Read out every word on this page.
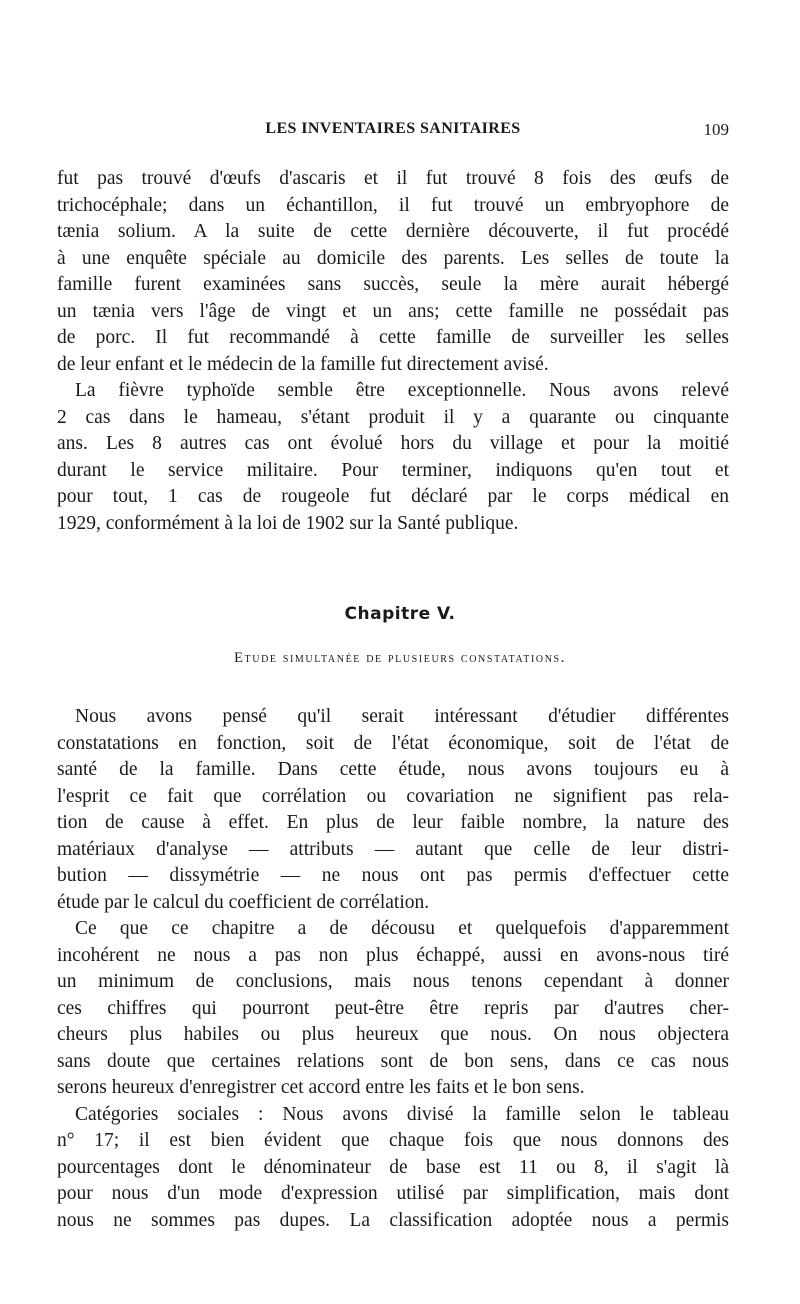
LES INVENTAIRES SANITAIRES	109
fut pas trouvé d'œufs d'ascaris et il fut trouvé 8 fois des œufs de
trichocéphale; dans un échantillon, il fut trouvé un embryophore de
tænia solium. A la suite de cette dernière découverte, il fut procédé
à une enquête spéciale au domicile des parents. Les selles de toute la
famille furent examinées sans succès, seule la mère aurait hébergé
un tænia vers l'âge de vingt et un ans; cette famille ne possédait pas
de porc. Il fut recommandé à cette famille de surveiller les selles
de leur enfant et le médecin de la famille fut directement avisé.
La fièvre typhoïde semble être exceptionnelle. Nous avons relevé
2 cas dans le hameau, s'étant produit il y a quarante ou cinquante
ans. Les 8 autres cas ont évolué hors du village et pour la moitié
durant le service militaire. Pour terminer, indiquons qu'en tout et
pour tout, 1 cas de rougeole fut déclaré par le corps médical en
1929, conformément à la loi de 1902 sur la Santé publique.
Chapitre V.
Etude simultanée de plusieurs constatations.
Nous avons pensé qu'il serait intéressant d'étudier différentes
constatations en fonction, soit de l'état économique, soit de l'état de
santé de la famille. Dans cette étude, nous avons toujours eu à
l'esprit ce fait que corrélation ou covariation ne signifient pas rela-
tion de cause à effet. En plus de leur faible nombre, la nature des
matériaux d'analyse — attributs — autant que celle de leur distri-
bution — dissymétrie — ne nous ont pas permis d'effectuer cette
étude par le calcul du coefficient de corrélation.
Ce que ce chapitre a de décousu et quelquefois d'apparemment
incohérent ne nous a pas non plus échappé, aussi en avons-nous tiré
un minimum de conclusions, mais nous tenons cependant à donner
ces chiffres qui pourront peut-être être repris par d'autres cher-
cheurs plus habiles ou plus heureux que nous. On nous objectera
sans doute que certaines relations sont de bon sens, dans ce cas nous
serons heureux d'enregistrer cet accord entre les faits et le bon sens.
Catégories sociales : Nous avons divisé la famille selon le tableau
n° 17; il est bien évident que chaque fois que nous donnons des
pourcentages dont le dénominateur de base est 11 ou 8, il s'agit là
pour nous d'un mode d'expression utilisé par simplification, mais dont
nous ne sommes pas dupes. La classification adoptée nous a permis
